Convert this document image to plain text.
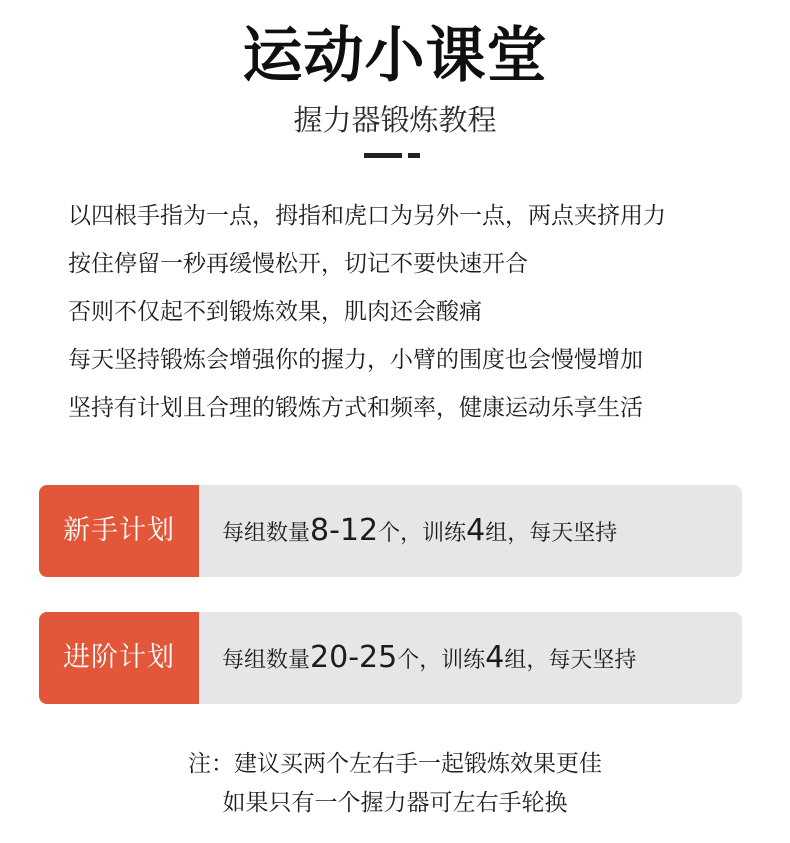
运动小课堂
握力器锻炼教程
以四根手指为一点，拇指和虎口为另外一点，两点夹挤用力
按住停留一秒再缓慢松开，切记不要快速开合
否则不仅起不到锻炼效果，肌肉还会酸痛
每天坚持锻炼会增强你的握力，小臂的围度也会慢慢增加
坚持有计划且合理的锻炼方式和频率，健康运动乐享生活
新手计划	每组数量8-12个，训练4组，每天坚持
进阶计划	每组数量20-25个，训练4组，每天坚持
注：建议买两个左右手一起锻炼效果更佳
如果只有一个握力器可左右手轮换
